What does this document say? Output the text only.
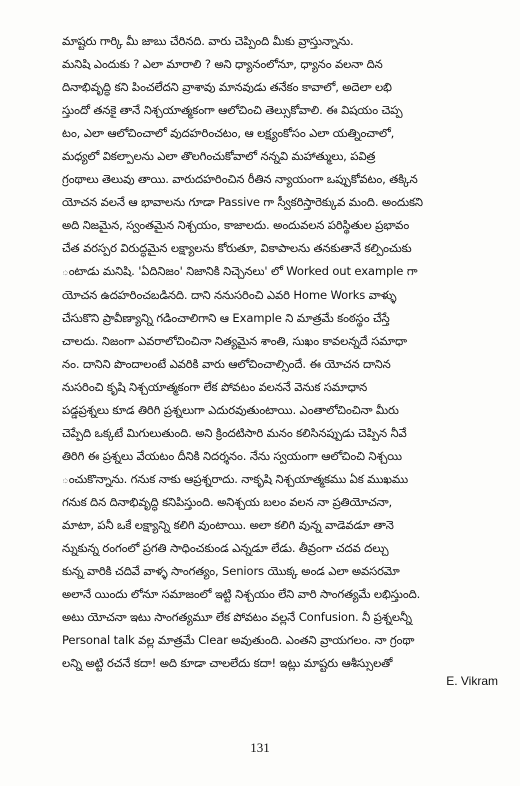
మాష్టరు గార్కి మీ జాబు చేరినది. వారు చెప్పింది మీకు వ్రాస్తున్నాను.
మనిషి ఎందుకు ? ఎలా మారాలి ? అని ధ్యానంలోనూ, ధ్యానం వలనా దిన
దినాభివృద్ధి కని పించలేదని వ్రాశావు మానవుడు తనేకం కావాలో, అదెలా లభి
స్తుందో తనకై తానే నిశ్చయాత్మకంగా ఆలోచించి తెల్సుకోవాలి. ఈ విషయం చెప్ప
టం, ఎలా ఆలోచించాలో వుదహరించటం, ఆ లక్ష్యంకోసం ఎలా యత్నించాలో,
మధ్యలో వికల్పాలను ఎలా తొలగించుకోవాలో నన్నవి మహాత్ములు, పవిత్ర
గ్రంథాలు తెలువు తాయి. వారుదహరించిన రీతిన న్యాయంగా ఒప్పుకోవటం, తక్కిన
యోచన వలనే ఆ భావాలను గూడా Passive గా స్వీకరిస్తారెక్కువ మంది. అందుకని
అది నిజమైన, స్వంతమైన నిశ్చయం, కాజాలదు. అందువలన పరిస్థితుల ప్రభావం
చేత వరస్పర విరుద్ధమైన లక్ష్యాలను కోరుతూ, వికాపాలను తనకుతానే కల్పించుకు
ంటాడు మనిషి. 'ఏదినిజం' నిజానికి నిచ్చెనలు' లో Worked out example గా
యోచన ఉదహరించబడినది. దాని ననుసరించి ఎవరి Home Works వాళ్ళు
చేసుకొని ప్రావీణ్యాన్ని గడించాలిగాని ఆ Example ని మాత్రమే కంఠస్థం చేస్తే
చాలదు. నిజంగా ఎవరాలోచించినా నిత్యమైన శాంతి, సుఖం కావలన్నదే సమాధా
నం. దానిని పొందాలంటే ఎవరికి వారు ఆలోచించాల్సిందే. ఈ యోచన దానిన
నుసరించి కృషి నిశ్చయాత్మకంగా లేక పోవటం వలననే వెనుక సమాధాన
పడ్డప్రశ్నలు కూడ తిరిగి ప్రశ్నలుగా ఎదురవుతుంటాయి. ఎంతాలోచించినా మీరు
చెప్పేది ఒక్కటే మిగులుతుంది. అని క్రిందటిసారి మనం కలిసినప్పుడు చెప్పిన నీవే
తిరిగి ఈ ప్రశ్నలు వేయటం దీనికి నిదర్శనం. నేను స్వయంగా ఆలోచించి నిశ్చయి
ంచుకొన్నాను. గనుక నాకు ఆప్రశ్నరాదు. నాకృషి నిశ్చయాత్మకము ఏక ముఖము
గనుక దిన దినాభివృద్ధి కనిపిస్తుంది. అనిశ్చయ బలం వలన నా ప్రతియోచనా,
మాటా, పనీ ఒకే లక్ష్యాన్ని కలిగి వుంటాయి. అలా కలిగి వున్న వాడెవడూ తానె
న్నుకున్న రంగంలో ప్రగతి సాధించకుండ ఎన్నడూ లేడు. తీవ్రంగా చదవ దల్చు
కున్న వారికి చదివే వాళ్ళ సాంగత్యం, Seniors యొక్క అండ ఎలా అవసరమో
అలానే యిందు లోనూ సమాజంలో ఇట్టి నిశ్చయం లేని వారి సాంగత్యమే లభిస్తుంది.
అటు యోచనా ఇటు సాంగత్యమూ లేక పోవటం వల్లనే Confusion. నీ ప్రశ్నలన్నీ
Personal talk వల్ల మాత్రమే Clear అవుతుంది. ఎంతని వ్రాయగలం. నా గ్రంథా
లన్ని అట్టి రచనే కదా! అది కూడా చాలలేదు కదా! ఇట్లు మాష్టరు ఆశీస్సులతో
E. Vikram
131
